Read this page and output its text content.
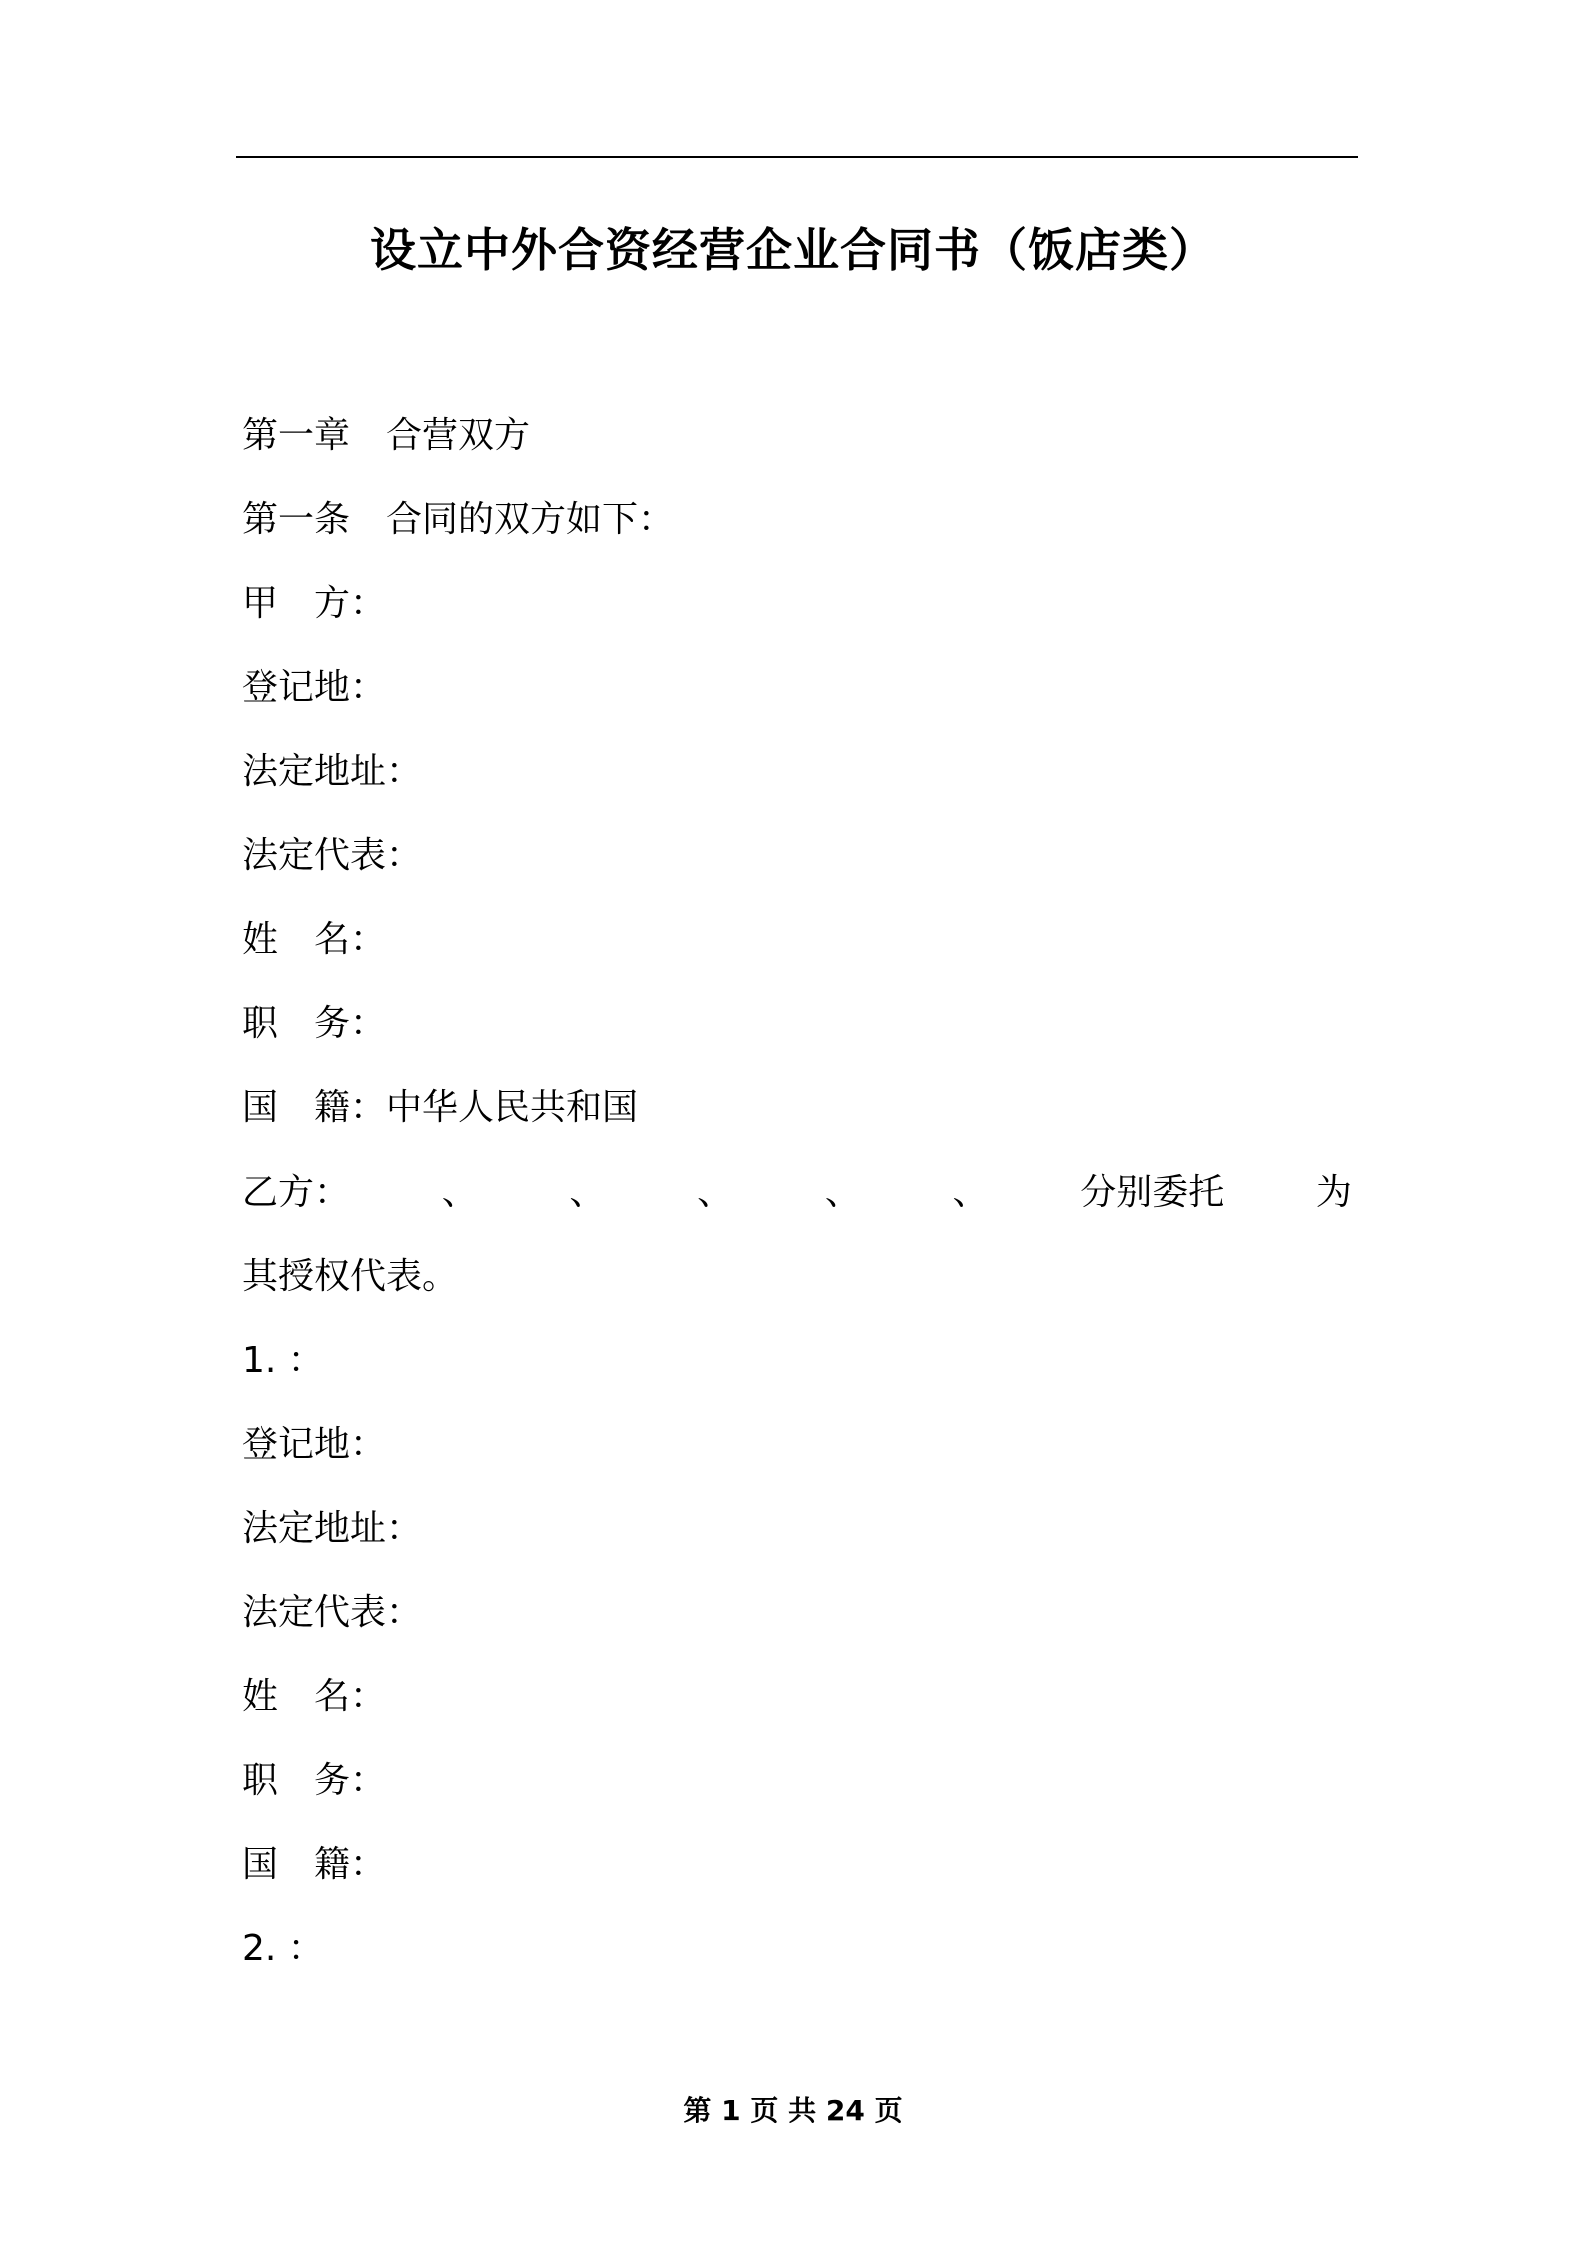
设立中外合资经营企业合同书（饭店类）
第一章　合营双方
第一条　合同的双方如下：
甲　方：
登记地：
法定地址：
法定代表：
姓　名：
职　务：
国　籍：中华人民共和国
乙方：	、	、	、	、	、	分别委托	为
其授权代表。
1. ：
登记地：
法定地址：
法定代表：
姓　名：
职　务：
国　籍：
2. ：
第 1 页 共 24 页
